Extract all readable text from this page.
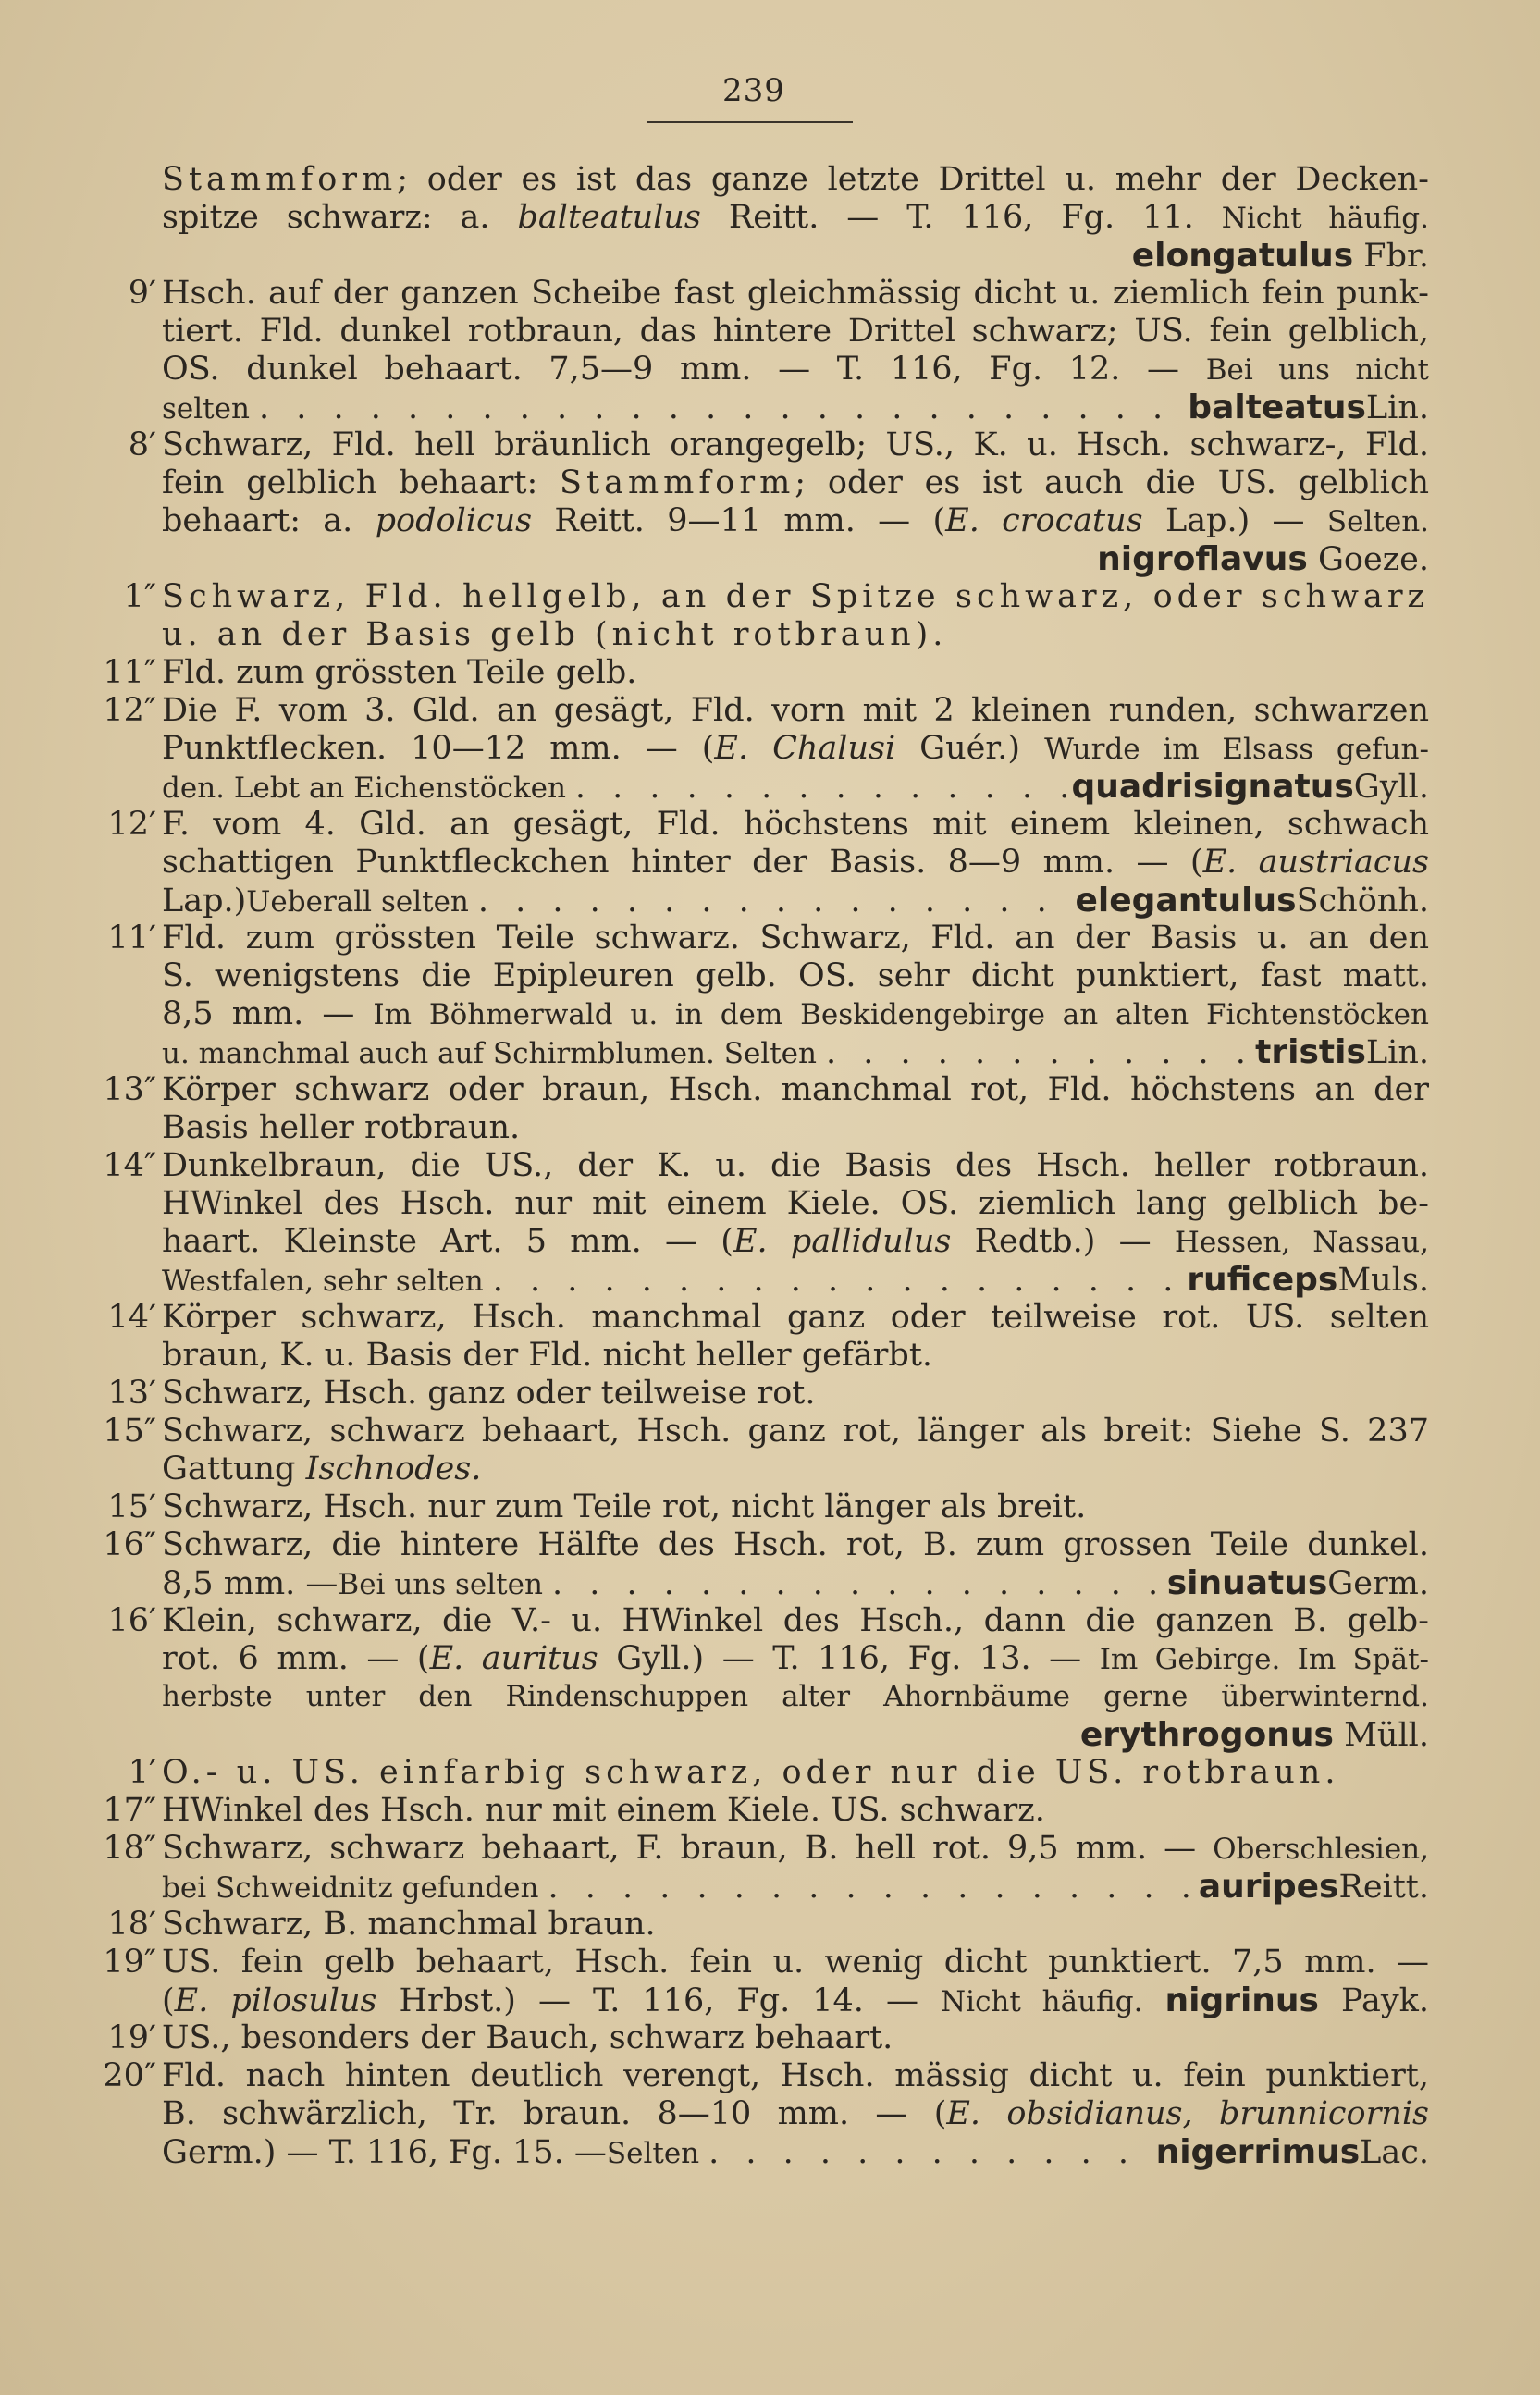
239
Stammform; oder es ist das ganze letzte Drittel u. mehr der Decken-
spitze schwarz: a. balteatulus Reitt. — T. 116, Fg. 11. Nicht häufig.
elongatulus Fbr.
9′ Hsch. auf der ganzen Scheibe fast gleichmässig dicht u. ziemlich fein punk-
tiert. Fld. dunkel rotbraun, das hintere Drittel schwarz; US. fein gelblich,
OS. dunkel behaart. 7,5—9 mm. — T. 116, Fg. 12. — Bei uns nicht
selten . . .	balteatus Lin.
8′ Schwarz, Fld. hell bräunlich orangegelb; US., K. u. Hsch. schwarz-, Fld.
fein gelblich behaart: Stammform; oder es ist auch die US. gelblich
behaart: a. podolicus Reitt. 9—11 mm. — (E. crocatus Lap.) — Selten.
nigroflavus Goeze.
1″ Schwarz, Fld. hellgelb, an der Spitze schwarz, oder schwarz
u. an der Basis gelb (nicht rotbraun).
11″ Fld. zum grössten Teile gelb.
12″ Die F. vom 3. Gld. an gesägt, Fld. vorn mit 2 kleinen runden, schwarzen
Punktflecken. 10—12 mm. — (E. Chalusi Guér.) Wurde im Elsass gefun-
den. Lebt an Eichenstöcken . . .	quadrisignatus Gyll.
12′ F. vom 4. Gld. an gesägt, Fld. höchstens mit einem kleinen, schwach
schattigen Punktfleckchen hinter der Basis. 8—9 mm. — (E. austriacus
Lap.) Ueberall selten . . .	elegantulus Schönh.
11′ Fld. zum grössten Teile schwarz. Schwarz, Fld. an der Basis u. an den
S. wenigstens die Epipleuren gelb. OS. sehr dicht punktiert, fast matt.
8,5 mm. — Im Böhmerwald u. in dem Beskidengebirge an alten Fichtenstöcken
u. manchmal auch auf Schirmblumen. Selten . . .	tristis Lin.
13″ Körper schwarz oder braun, Hsch. manchmal rot, Fld. höchstens an der
Basis heller rotbraun.
14″ Dunkelbraun, die US., der K. u. die Basis des Hsch. heller rotbraun.
HWinkel des Hsch. nur mit einem Kiele. OS. ziemlich lang gelblich be-
haart. Kleinste Art. 5 mm. — (E. pallidulus Redtb.) — Hessen, Nassau,
Westfalen, sehr selten . . .	ruficeps Muls.
14′ Körper schwarz, Hsch. manchmal ganz oder teilweise rot. US. selten
braun, K. u. Basis der Fld. nicht heller gefärbt.
13′ Schwarz, Hsch. ganz oder teilweise rot.
15″ Schwarz, schwarz behaart, Hsch. ganz rot, länger als breit: Siehe S. 237
Gattung Ischnodes.
15′ Schwarz, Hsch. nur zum Teile rot, nicht länger als breit.
16″ Schwarz, die hintere Hälfte des Hsch. rot, B. zum grossen Teile dunkel.
8,5 mm. — Bei uns selten . . .	sinuatus Germ.
16′ Klein, schwarz, die V.- u. HWinkel des Hsch., dann die ganzen B. gelb-
rot. 6 mm. — (E. auritus Gyll.) — T. 116, Fg. 13. — Im Gebirge. Im Spät-
herbste unter den Rindenschuppen alter Ahornbäume gerne überwinternd.
erythrogonus Müll.
1′ O.- u. US. einfarbig schwarz, oder nur die US. rotbraun.
17″ HWinkel des Hsch. nur mit einem Kiele. US. schwarz.
18″ Schwarz, schwarz behaart, F. braun, B. hell rot. 9,5 mm. — Oberschlesien,
bei Schweidnitz gefunden . . .	auripes Reitt.
18′ Schwarz, B. manchmal braun.
19″ US. fein gelb behaart, Hsch. fein u. wenig dicht punktiert. 7,5 mm. —
(E. pilosulus Hrbst.) — T. 116, Fg. 14. — Nicht häufig. nigrinus Payk.
19′ US., besonders der Bauch, schwarz behaart.
20″ Fld. nach hinten deutlich verengt, Hsch. mässig dicht u. fein punktiert,
B. schwärzlich, Tr. braun. 8—10 mm. — (E. obsidianus, brunnicornis
Germ.) — T. 116, Fg. 15. — Selten . . .	nigerrimus Lac.
